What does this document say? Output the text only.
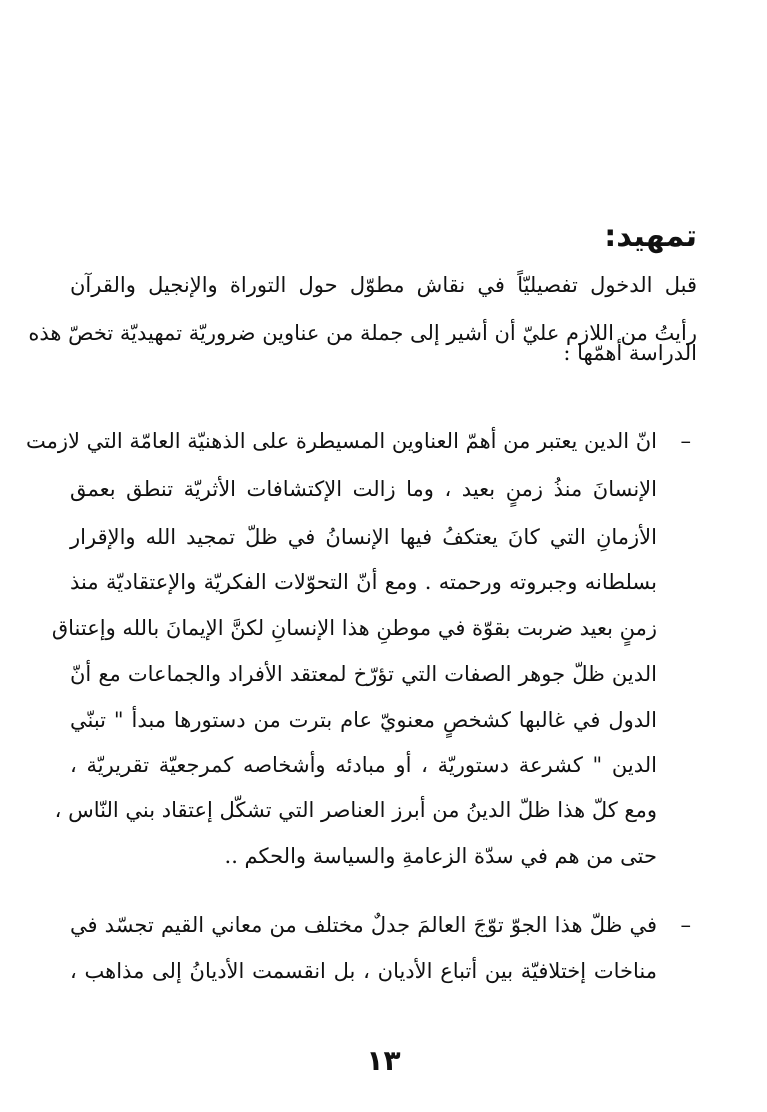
تمهيد:
قبل الدخول تفصيليّاً في نقاش مطوّل حول التوراة والإنجيل والقرآن
رأيتُ من اللازم عليّ أن أشير إلى جملة من عناوين ضروريّة تمهيديّة تخصّ هذه
الدراسة أهمّها :
–
انّ الدين يعتبر من أهمّ العناوين المسيطرة على الذهنيّة العامّة التي لازمت
الإنسانَ منذُ زمنٍ بعيد ، وما زالت الإكتشافات الأثريّة تنطق بعمق
الأزمانِ التي كانَ يعتكفُ فيها الإنسانُ في ظلّ تمجيد الله والإقرار
بسلطانه وجبروته ورحمته . ومع أنّ التحوّلات الفكريّة والإعتقاديّة منذ
زمنٍ بعيد ضربت بقوّة في موطنِ هذا الإنسانِ لكنَّ الإيمانَ بالله وإعتناق
الدين ظلّ جوهر الصفات التي تؤرّخ لمعتقد الأفراد والجماعات مع أنّ
الدول في غالبها كشخصٍ معنويّ عام بترت من دستورها مبدأ " تبنّي
الدين " كشرعة دستوريّة ، أو مبادئه وأشخاصه كمرجعيّة تقريريّة ،
ومع كلّ هذا ظلّ الدينُ من أبرز العناصر التي تشكّل إعتقاد بني النّاس ،
حتى من هم في سدّة الزعامةِ والسياسة والحكم ..
–
في ظلّ هذا الجوّ توّجَ العالمَ جدلٌ مختلف من معاني القيم تجسّد في
مناخات إختلافيّة بين أتباع الأديان ، بل انقسمت الأديانُ إلى مذاهب ،
١٣
